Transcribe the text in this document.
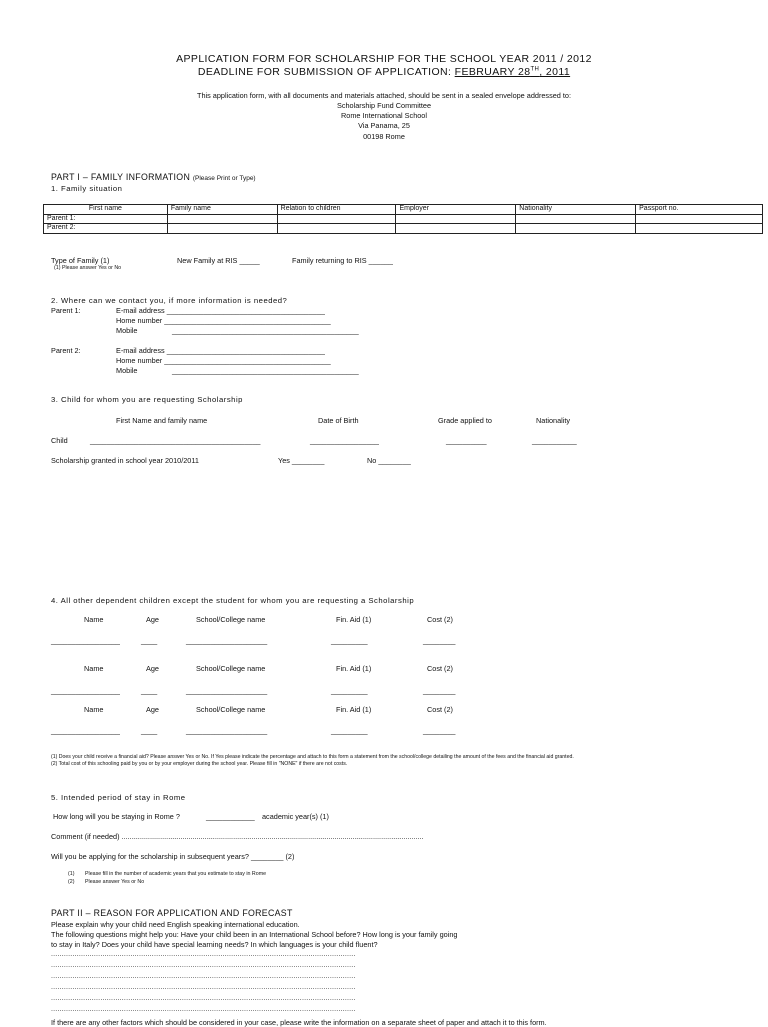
APPLICATION FORM FOR SCHOLARSHIP FOR THE SCHOOL YEAR 2011 / 2012
DEADLINE FOR SUBMISSION OF APPLICATION: FEBRUARY 28TH, 2011
This application form, with all documents and materials attached, should be sent in a sealed envelope addressed to:
Scholarship Fund Committee
Rome International School
Via Panama, 25
00198 Rome
PART I – FAMILY INFORMATION (Please Print or Type)
1. Family situation
First name	Family name	Relation to children	Employer	Nationality	Passport no.
Parent 1:					
Parent 2:					
Type of Family (1)
(1) Please answer Yes or No
New Family at RIS _____	Family returning to RIS ______
2. Where can we contact you, if more information is needed?
Parent 1:	E-mail address _______________________________________
Home number _________________________________________
Mobile	______________________________________________
Parent 2:	E-mail address _______________________________________
Home number _________________________________________
Mobile	______________________________________________
3. Child for whom you are requesting Scholarship
First Name and family name	Date of Birth	Grade applied to	Nationality
Child	__________________________________________	_________________	__________	___________
Scholarship granted in school year 2010/2011	Yes ________	No ________
4. All other dependent children except the student for whom you are requesting a Scholarship
Name	Age	School/College name	Fin. Aid (1)	Cost (2)
_________________	____	____________________	_________	________
Name	Age	School/College name	Fin. Aid (1)	Cost (2)
_________________	____	____________________	_________	________
Name	Age	School/College name	Fin. Aid (1)	Cost (2)
_________________	____	____________________	_________	________
(1) Does your child receive a financial aid? Please answer Yes or No. If Yes please indicate the percentage and attach to this form a statement from the school/college detailing the amount of the fees and the financial aid granted.
(2) Total cost of this schooling paid by you or by your employer during the school year. Please fill in "NONE" if there are not costs.
5. Intended period of stay in Rome
How long will you be staying in Rome ?	____________ academic year(s) (1)
Comment (if needed) .....................................................................................................................................................
Will you be applying for the scholarship in subsequent years? ________ (2)
(1) Please fill in the number of academic years that you estimate to stay in Rome
(2) Please answer Yes or No
PART II – REASON FOR APPLICATION AND FORECAST
Please explain why your child need English speaking international education.
The following questions might help you: Have your child been in an International School before? How long is your family going
to stay in Italy? Does your child have special learning needs? In which languages is your child fluent?
..............................................................................................................................................
..............................................................................................................................................
..............................................................................................................................................
..............................................................................................................................................
..............................................................................................................................................
..............................................................................................................................................
If there are any other factors which should be considered in your case, please write the information on a separate sheet of paper and attach it to this form.
